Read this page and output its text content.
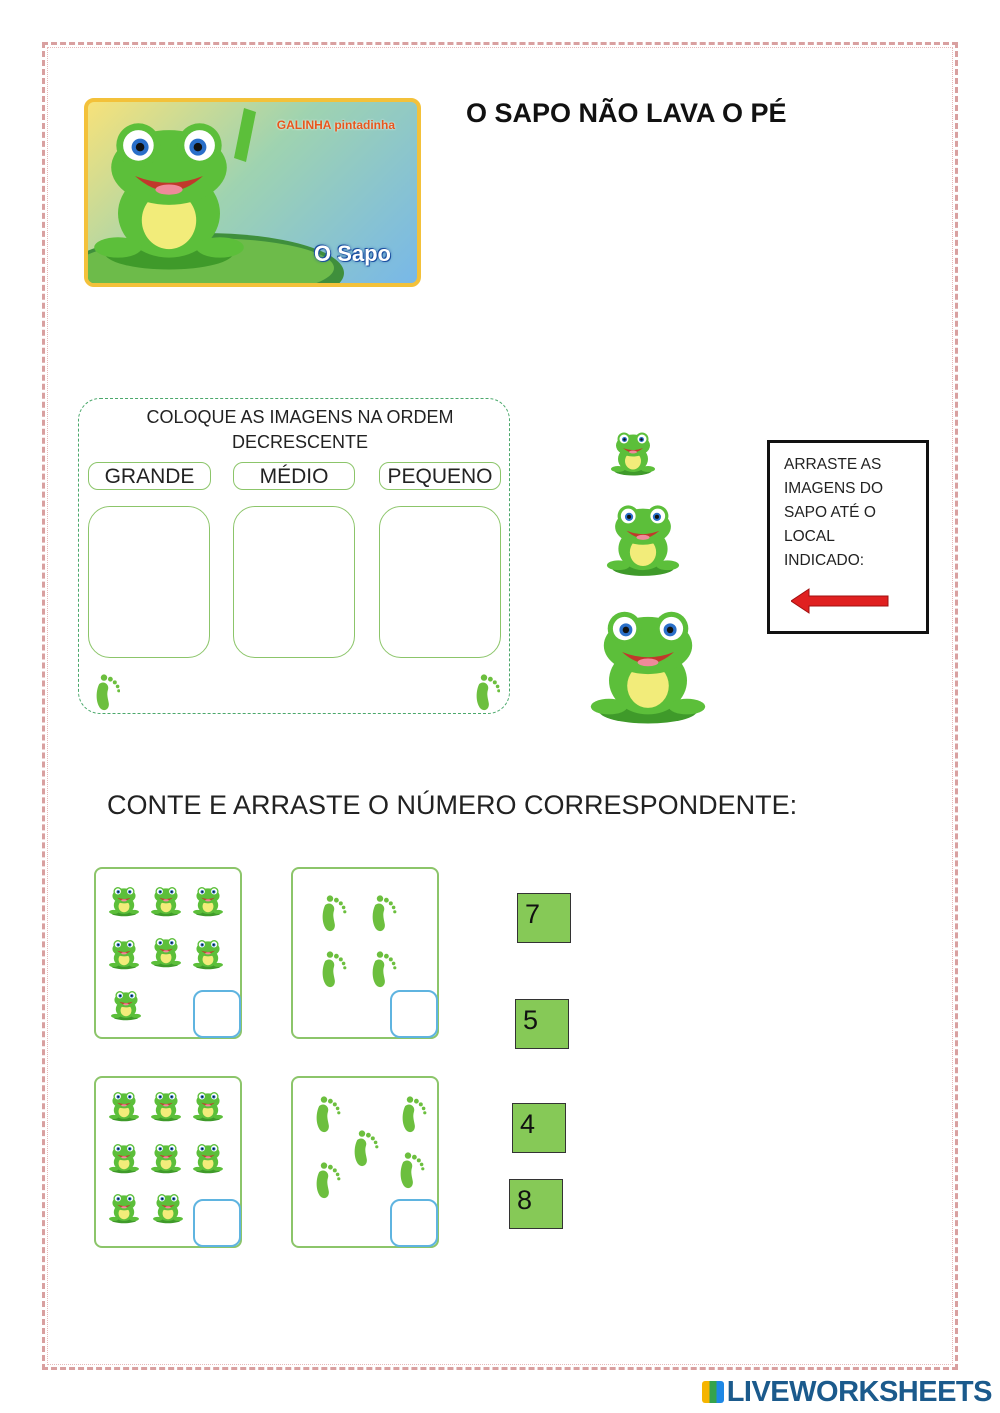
GALINHA pintadinha
O Sapo
O SAPO NÃO LAVA O PÉ
COLOQUE AS IMAGENS NA ORDEM DECRESCENTE
GRANDE	MÉDIO	PEQUENO
ARRASTE AS IMAGENS DO SAPO ATÉ O LOCAL INDICADO:
CONTE E ARRASTE O NÚMERO CORRESPONDENTE:
7
5
4
8
LIVEWORKSHEETS
